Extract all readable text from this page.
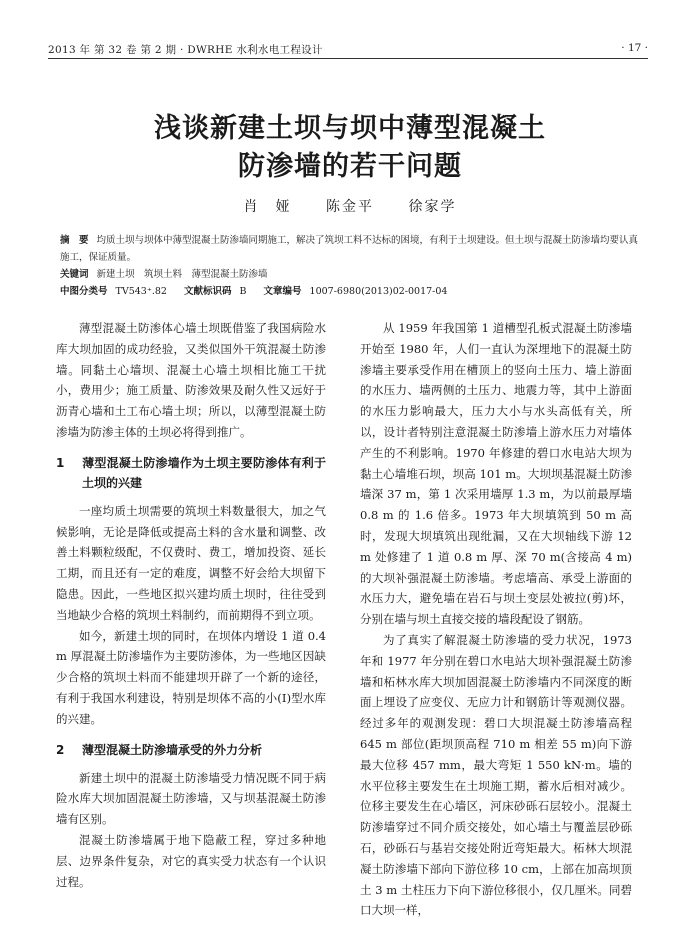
2013 年 第 32 卷 第 2 期 · DWRHE 水利水电工程设计	· 17 ·
浅谈新建土坝与坝中薄型混凝土
防渗墙的若干问题
肖　娅 陈金平 徐家学
摘　要 均质土坝与坝体中薄型混凝土防渗墙同期施工，解决了筑坝工料不达标的困境，有利于土坝建设。但土坝与混凝土防渗墙均要认真施工，保证质量。
关键词 新建土坝　筑坝土料　薄型混凝土防渗墙
中图分类号 TV543⁺.82 文献标识码 B 文章编号 1007-6980(2013)02-0017-04

薄型混凝土防渗体心墙土坝既借鉴了我国病险水库大坝加固的成功经验，又类似国外干筑混凝土防渗墙。同黏土心墙坝、混凝土心墙土坝相比施工干扰小，费用少；施工质量、防渗效果及耐久性又远好于沥青心墙和土工布心墙土坝；所以，以薄型混凝土防渗墙为防渗主体的土坝必将得到推广。

1 薄型混凝土防渗墙作为土坝主要防渗体有利于土坝的兴建

一座均质土坝需要的筑坝土料数量很大，加之气候影响，无论是降低或提高土料的含水量和调整、改善土料颗粒级配，不仅费时、费工，增加投资、延长工期，而且还有一定的难度，调整不好会给大坝留下隐患。因此，一些地区拟兴建均质土坝时，往往受到当地缺少合格的筑坝土料制约，而前期得不到立项。

如今，新建土坝的同时，在坝体内增设 1 道 0.4 m 厚混凝土防渗墙作为主要防渗体，为一些地区因缺少合格的筑坝土料而不能建坝开辟了一个新的途径，有利于我国水利建设，特别是坝体不高的小(Ⅰ)型水库的兴建。

2 薄型混凝土防渗墙承受的外力分析

新建土坝中的混凝土防渗墙受力情况既不同于病险水库大坝加固混凝土防渗墙，又与坝基混凝土防渗墙有区别。

混凝土防渗墙属于地下隐蔽工程，穿过多种地层、边界条件复杂，对它的真实受力状态有一个认识过程。

从 1959 年我国第 1 道槽型孔板式混凝土防渗墙开始至 1980 年，人们一直认为深埋地下的混凝土防渗墙主要承受作用在槽顶上的竖向土压力、墙上游面的水压力、墙两侧的土压力、地震力等，其中上游面的水压力影响最大，压力大小与水头高低有关，所以，设计者特别注意混凝土防渗墙上游水压力对墙体产生的不利影响。1970 年修建的碧口水电站大坝为黏土心墙堆石坝，坝高 101 m。大坝坝基混凝土防渗墙深 37 m，第 1 次采用墙厚 1.3 m，为以前最厚墙 0.8 m 的 1.6 倍多。1973 年大坝填筑到 50 m 高时，发现大坝填筑出现纰漏，又在大坝轴线下游 12 m 处修建了 1 道 0.8 m 厚、深 70 m(含接高 4 m)的大坝补强混凝土防渗墙。考虑墙高、承受上游面的水压力大，避免墙在岩石与坝土变层处被拉(剪)坏，分别在墙与坝土直接交接的墙段配设了钢筋。

为了真实了解混凝土防渗墙的受力状况，1973 年和 1977 年分别在碧口水电站大坝补强混凝土防渗墙和柘林水库大坝加固混凝土防渗墙内不同深度的断面上埋设了应变仪、无应力计和钢筋计等观测仪器。经过多年的观测发现：碧口大坝混凝土防渗墙高程 645 m 部位(距坝顶高程 710 m 相差 55 m)向下游最大位移 457 mm，最大弯矩 1 550 kN·m。墙的水平位移主要发生在土坝施工期，蓄水后相对减少。位移主要发生在心墙区，河床砂砾石层较小。混凝土防渗墙穿过不同介质交接处，如心墙土与覆盖层砂砾石，砂砾石与基岩交接处附近弯矩最大。柘林大坝混凝土防渗墙下部向下游位移 10 cm，上部在加高坝顶土 3 m 土柱压力下向下游位移很小，仅几厘米。同碧口大坝一样，
